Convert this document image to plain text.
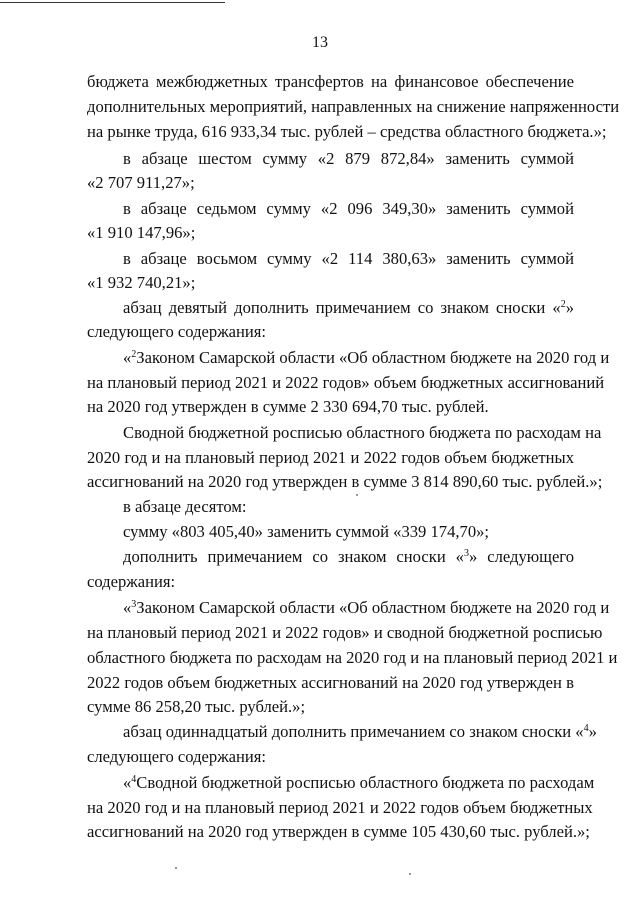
13
бюджета межбюджетных трансфертов на финансовое обеспечение
дополнительных мероприятий, направленных на снижение напряженности
на рынке труда, 616 933,34 тыс. рублей – средства областного бюджета.»;
в абзаце шестом сумму «2 879 872,84» заменить суммой
«2 707 911,27»;
в абзаце седьмом сумму «2 096 349,30» заменить суммой
«1 910 147,96»;
в абзаце восьмом сумму «2 114 380,63» заменить суммой
«1 932 740,21»;
абзац девятый дополнить примечанием со знаком сноски «$^2$»
следующего содержания:
«$^2$Законом Самарской области «Об областном бюджете на 2020 год и
на плановый период 2021 и 2022 годов» объем бюджетных ассигнований
на 2020 год утвержден в сумме 2 330 694,70 тыс. рублей.
Сводной бюджетной росписью областного бюджета по расходам на
2020 год и на плановый период 2021 и 2022 годов объем бюджетных
ассигнований на 2020 год утвержден в сумме 3 814 890,60 тыс. рублей.»;
в абзаце десятом:
сумму «803 405,40» заменить суммой «339 174,70»;
дополнить примечанием со знаком сноски «$^3$» следующего
содержания:
«$^3$Законом Самарской области «Об областном бюджете на 2020 год и
на плановый период 2021 и 2022 годов» и сводной бюджетной росписью
областного бюджета по расходам на 2020 год и на плановый период 2021 и
2022 годов объем бюджетных ассигнований на 2020 год утвержден в
сумме 86 258,20 тыс. рублей.»;
абзац одиннадцатый дополнить примечанием со знаком сноски «$^4$»
следующего содержания:
«$^4$Сводной бюджетной росписью областного бюджета по расходам
на 2020 год и на плановый период 2021 и 2022 годов объем бюджетных
ассигнований на 2020 год утвержден в сумме 105 430,60 тыс. рублей.»;
